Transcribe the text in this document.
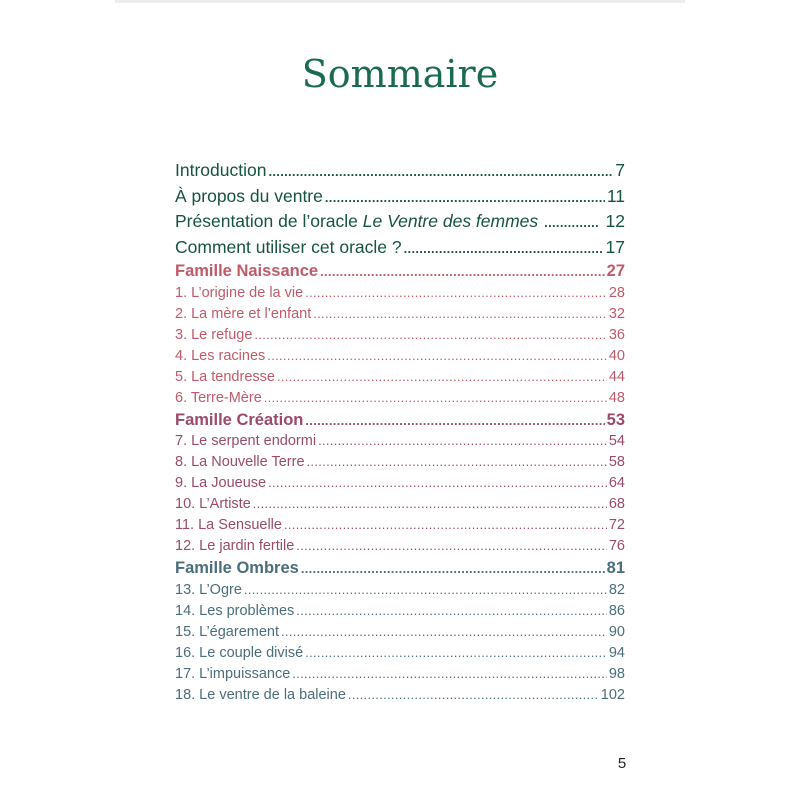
Sommaire
Introduction .....	7
À propos du ventre .....	11
Présentation de l’oracle Le Ventre des femmes .....	12
Comment utiliser cet oracle ? .....	17
Famille Naissance .....	27
1. L’origine de la vie .....	28
2. La mère et l’enfant .....	32
3. Le refuge .....	36
4. Les racines .....	40
5. La tendresse .....	44
6. Terre-Mère .....	48
Famille Création .....	53
7. Le serpent endormi .....	54
8. La Nouvelle Terre .....	58
9. La Joueuse .....	64
10. L’Artiste .....	68
11. La Sensuelle .....	72
12. Le jardin fertile .....	76
Famille Ombres .....	81
13. L’Ogre .....	82
14. Les problèmes .....	86
15. L’égarement .....	90
16. Le couple divisé .....	94
17. L’impuissance .....	98
18. Le ventre de la baleine .....	102
5
